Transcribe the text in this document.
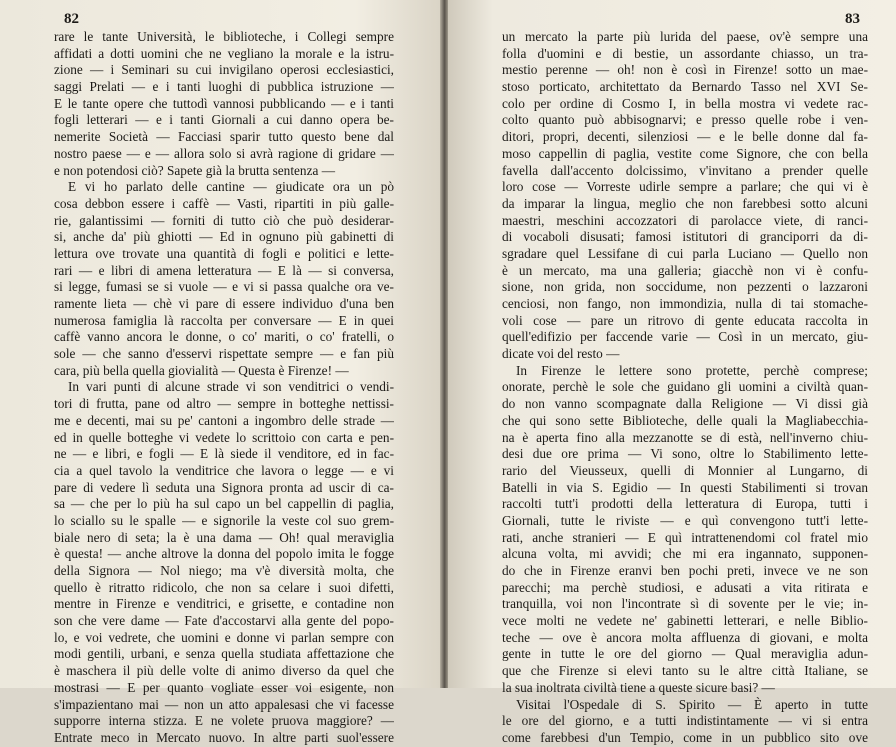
82
rare le tante Università, le biblioteche, i Collegi sempre
affidati a dotti uomini che ne vegliano la morale e la istru-
zione — i Seminari su cui invigilano operosi ecclesiastici,
saggi Prelati — e i tanti luoghi di pubblica istruzione —
E le tante opere che tuttodì vannosi pubblicando — e i tanti
fogli letterari — e i tanti Giornali a cui danno opera be-
nemerite Società — Facciasi sparir tutto questo bene dal
nostro paese — e — allora solo si avrà ragione di gridare —
e non potendosi ciò? Sapete già la brutta sentenza —
E vi ho parlato delle cantine — giudicate ora un pò
cosa debbon essere i caffè — Vasti, ripartiti in più galle-
rie, galantissimi — forniti di tutto ciò che può desiderar-
si, anche da' più ghiotti — Ed in ognuno più gabinetti di
lettura ove trovate una quantità di fogli e politici e lette-
rari — e libri di amena letteratura — E là — si conversa,
si legge, fumasi se si vuole — e vi si passa qualche ora ve-
ramente lieta — chè vi pare di essere individuo d'una ben
numerosa famiglia là raccolta per conversare — E in quei
caffè vanno ancora le donne, o co' mariti, o co' fratelli, o
sole — che sanno d'esservi rispettate sempre — e fan più
cara, più bella quella giovialità — Questa è Firenze! —
In vari punti di alcune strade vi son venditrici o vendi-
tori di frutta, pane od altro — sempre in botteghe nettissi-
me e decenti, mai su pe' cantoni a ingombro delle strade —
ed in quelle botteghe vi vedete lo scrittoio con carta e pen-
ne — e libri, e fogli — E là siede il venditore, ed in fac-
cia a quel tavolo la venditrice che lavora o legge — e vi
pare di vedere lì seduta una Signora pronta ad uscir di ca-
sa — che per lo più ha sul capo un bel cappellin di paglia,
lo sciallo su le spalle — e signorile la veste col suo grem-
biale nero di seta; la è una dama — Oh! qual meraviglia
è questa! — anche altrove la donna del popolo imita le fogge
della Signora — Nol niego; ma v'è diversità molta, che
quello è ritratto ridicolo, che non sa celare i suoi difetti,
mentre in Firenze e venditrici, e grisette, e contadine non
son che vere dame — Fate d'accostarvi alla gente del popo-
lo, e voi vedrete, che uomini e donne vi parlan sempre con
modi gentili, urbani, e senza quella studiata affettazione che
è maschera il più delle volte di animo diverso da quel che
mostrasi — E per quanto vogliate esser voi esigente, non
s'impazientano mai — non un atto appalesasi che vi facesse
supporre interna stizza. E ne volete pruova maggiore? —
Entrate meco in Mercato nuovo. In altre parti suol'essere
83
un mercato la parte più lurida del paese, ov'è sempre una
folla d'uomini e di bestie, un assordante chiasso, un tra-
mestio perenne — oh! non è così in Firenze! sotto un mae-
stoso porticato, architettato da Bernardo Tasso nel XVI Se-
colo per ordine di Cosmo I, in bella mostra vi vedete rac-
colto quanto può abbisognarvi; e presso quelle robe i ven-
ditori, propri, decenti, silenziosi — e le belle donne dal fa-
moso cappellin di paglia, vestite come Signore, che con bella
favella dall'accento dolcissimo, v'invitano a prender quelle
loro cose — Vorreste udirle sempre a parlare; che qui vi è
da imparar la lingua, meglio che non farebbesi sotto alcuni
maestri, meschini accozzatori di parolacce viete, di ranci-
di vocaboli disusati; famosi istitutori di granciporri da di-
sgradare quel Lessifane di cui parla Luciano — Quello non
è un mercato, ma una galleria; giacchè non vi è confu-
sione, non grida, non soccidume, non pezzenti o lazzaroni
cenciosi, non fango, non immondizia, nulla di tai stomache-
voli cose — pare un ritrovo di gente educata raccolta in
quell'edifizio per faccende varie — Così in un mercato, giu-
dicate voi del resto —
In Firenze le lettere sono protette, perchè comprese;
onorate, perchè le sole che guidano gli uomini a civiltà quan-
do non vanno scompagnate dalla Religione — Vi dissi già
che qui sono sette Biblioteche, delle quali la Magliabecchia-
na è aperta fino alla mezzanotte se di està, nell'inverno chiu-
desi due ore prima — Vi sono, oltre lo Stabilimento lette-
rario del Vieusseux, quelli di Monnier al Lungarno, di
Batelli in via S. Egidio — In questi Stabilimenti si trovan
raccolti tutt'i prodotti della letteratura di Europa, tutti i
Giornali, tutte le riviste — e quì convengono tutt'i lette-
rati, anche stranieri — E quì intrattenendomi col fratel mio
alcuna volta, mi avvidi; che mi era ingannato, supponen-
do che in Firenze eranvi ben pochi preti, invece ve ne son
parecchi; ma perchè studiosi, e adusati a vita ritirata e
tranquilla, voi non l'incontrate sì di sovente per le vie; in-
vece molti ne vedete ne' gabinetti letterari, e nelle Biblio-
teche — ove è ancora molta affluenza di giovani, e molta
gente in tutte le ore del giorno — Qual meraviglia adun-
que che Firenze si elevi tanto su le altre città Italiane, se
la sua inoltrata civiltà tiene a queste sicure basi? —
Visitai l'Ospedale di S. Spirito — È aperto in tutte
le ore del giorno, e a tutti indistintamente — vi si entra
come farebbesi d'un Tempio, come in un pubblico sito ove
